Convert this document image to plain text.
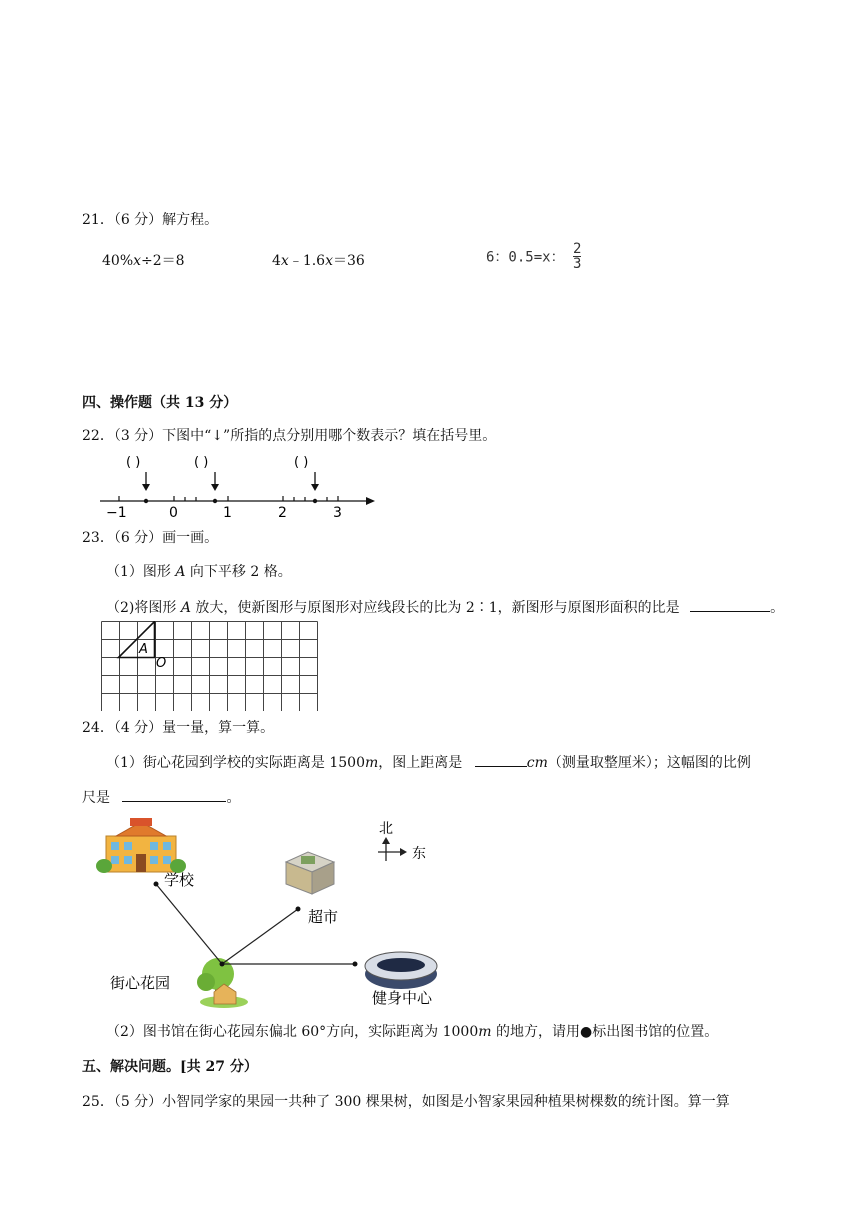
21．（6 分）解方程。
40%x÷2＝8	4x﹣1.6x＝36	6：0.5=x： $\frac{2}{3}$
四、操作题（共 13 分）
22．（3 分）下图中“↓”所指的点分别用哪个数表示？填在括号里。
( )	( )	( )
−1	0	1	2	3
23．（6 分）画一画。
（1）图形 A 向下平移 2 格。
（2)将图形 A 放大，使新图形与原图形对应线段长的比为 2∶1，新图形与原图形面积的比是	。
A
O
24．（4 分）量一量，算一算。
（1）街心花园到学校的实际距离是 1500m，图上距离是	cm（测量取整厘米）；这幅图的比例
尺是	。
北
东
学校
超市
健身中心
街心花园
（2）图书馆在街心花园东偏北 60°方向，实际距离为 1000m 的地方，请用●标出图书馆的位置。
五、解决问题。[共 27 分）
25．（5 分）小智同学家的果园一共种了 300 棵果树，如图是小智家果园种植果树棵数的统计图。算一算
